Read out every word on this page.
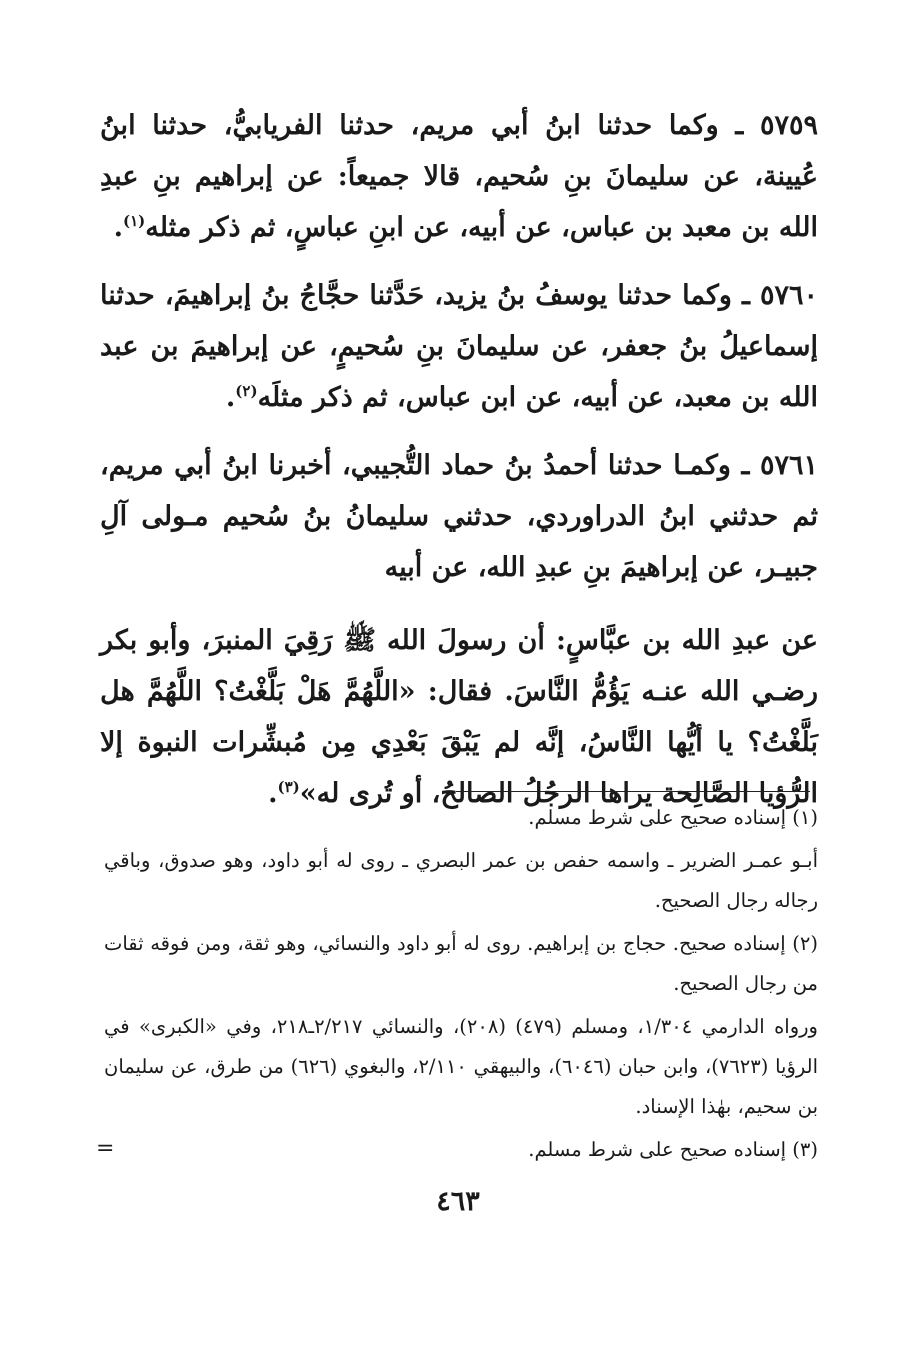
٥٧٥٩ ـ وكما حدثنا ابنُ أبي مريم، حدثنا الفريابيُّ، حدثنا ابنُ عُيينة، عن سليمانَ بنِ سُحيم، قالا جميعاً: عن إبراهيم بنِ عبدِ الله بن معبد بن عباس، عن أبيه، عن ابنِ عباسٍ، ثم ذكر مثله$^{(١)}$.

٥٧٦٠ ـ وكما حدثنا يوسفُ بنُ يزيد، حَدَّثنا حجَّاجُ بنُ إبراهيمَ، حدثنا إسماعيلُ بنُ جعفر، عن سليمانَ بنِ سُحيمٍ، عن إبراهيمَ بن عبد الله بن معبد، عن أبيه، عن ابن عباس، ثم ذكر مثلَه$^{(٢)}$.

٥٧٦١ ـ وكمـا حدثنا أحمدُ بنُ حماد التُّجيبي، أخبرنا ابنُ أبي مريم، ثم حدثني ابنُ الدراوردي، حدثني سليمانُ بنُ سُحيم مـولى آلِ جبيـر، عن إبراهيمَ بنِ عبدِ الله، عن أبيه

عن عبدِ الله بن عبَّاسٍ: أن رسولَ الله ﷺ رَقِيَ المنبرَ، وأبو بكر رضـي الله عنـه يَؤُمُّ النَّاسَ. فقال: «اللَّهُمَّ هَلْ بَلَّغْتُ؟ اللَّهُمَّ هل بَلَّغْتُ؟ يا أيُّها النَّاسُ، إنَّه لم يَبْقَ بَعْدِي مِن مُبشِّرات النبوة إلا الرُّؤيا الصَّالِحة يراها الرجُلُ الصالحُ، أو تُرى له»$^{(٣)}$.

(١) إسناده صحيح على شرط مسلم.

أبـو عمـر الضرير ـ واسمه حفص بن عمر البصري ـ روى له أبو داود، وهو صدوق، وباقي رجاله رجال الصحيح.

(٢) إسناده صحيح. حجاج بن إبراهيم. روى له أبو داود والنسائي، وهو ثقة، ومن فوقه ثقات من رجال الصحيح.

ورواه الدارمي ١/٣٠٤، ومسلم (٤٧٩) (٢٠٨)، والنسائي ٢/٢١٧ـ٢١٨، وفي «الكبرى» في الرؤيا (٧٦٢٣)، وابن حبان (٦٠٤٦)، والبيهقي ٢/١١٠، والبغوي (٦٢٦) من طرق، عن سليمان بن سحيم، بهٰذا الإسناد.

(٣) إسناده صحيح على شرط مسلم.

=
٤٦٣
